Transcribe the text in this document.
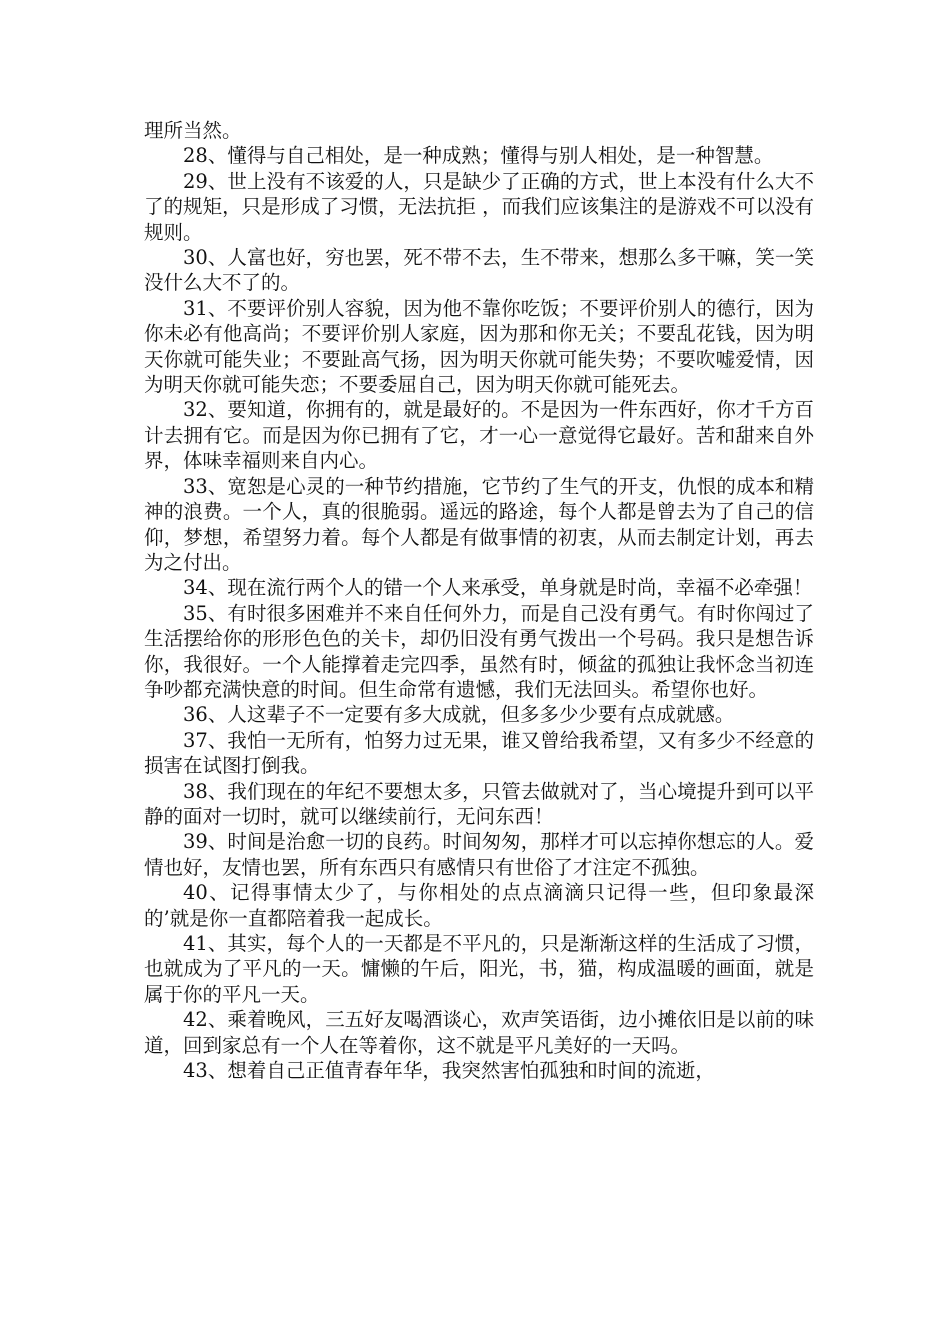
理所当然。

28、懂得与自己相处，是一种成熟；懂得与别人相处，是一种智慧。

29、世上没有不该爱的人，只是缺少了正确的方式，世上本没有什么大不了的规矩，只是形成了习惯，无法抗拒 ，而我们应该集注的是游戏不可以没有规则。

30、人富也好，穷也罢，死不带不去，生不带来，想那么多干嘛，笑一笑没什么大不了的。

31、不要评价别人容貌，因为他不靠你吃饭；不要评价别人的德行，因为你未必有他高尚；不要评价别人家庭，因为那和你无关；不要乱花钱，因为明天你就可能失业；不要趾高气扬，因为明天你就可能失势；不要吹嘘爱情，因为明天你就可能失恋；不要委屈自己，因为明天你就可能死去。

32、要知道，你拥有的，就是最好的。不是因为一件东西好，你才千方百计去拥有它。而是因为你已拥有了它，才一心一意觉得它最好。苦和甜来自外界，体味幸福则来自内心。

33、宽恕是心灵的一种节约措施，它节约了生气的开支，仇恨的成本和精神的浪费。一个人，真的很脆弱。遥远的路途，每个人都是曾去为了自己的信仰，梦想，希望努力着。每个人都是有做事情的初衷，从而去制定计划，再去为之付出。

34、现在流行两个人的错一个人来承受，单身就是时尚，幸福不必牵强！

35、有时很多困难并不来自任何外力，而是自己没有勇气。有时你闯过了生活摆给你的形形色色的关卡，却仍旧没有勇气拨出一个号码。我只是想告诉你，我很好。一个人能撑着走完四季，虽然有时，倾盆的孤独让我怀念当初连争吵都充满快意的时间。但生命常有遗憾，我们无法回头。希望你也好。

36、人这辈子不一定要有多大成就，但多多少少要有点成就感。

37、我怕一无所有，怕努力过无果，谁又曾给我希望，又有多少不经意的损害在试图打倒我。

38、我们现在的年纪不要想太多，只管去做就对了，当心境提升到可以平静的面对一切时，就可以继续前行，无问东西！

39、时间是治愈一切的良药。时间匆匆，那样才可以忘掉你想忘的人。爱情也好，友情也罢，所有东西只有感情只有世俗了才注定不孤独。

40、记得事情太少了，与你相处的点点滴滴只记得一些，但印象最深的’就是你一直都陪着我一起成长。

41、其实，每个人的一天都是不平凡的，只是渐渐这样的生活成了习惯，也就成为了平凡的一天。慵懒的午后，阳光，书，猫，构成温暖的画面，就是属于你的平凡一天。

42、乘着晚风，三五好友喝酒谈心，欢声笑语街，边小摊依旧是以前的味道，回到家总有一个人在等着你，这不就是平凡美好的一天吗。

43、想着自己正值青春年华，我突然害怕孤独和时间的流逝，
